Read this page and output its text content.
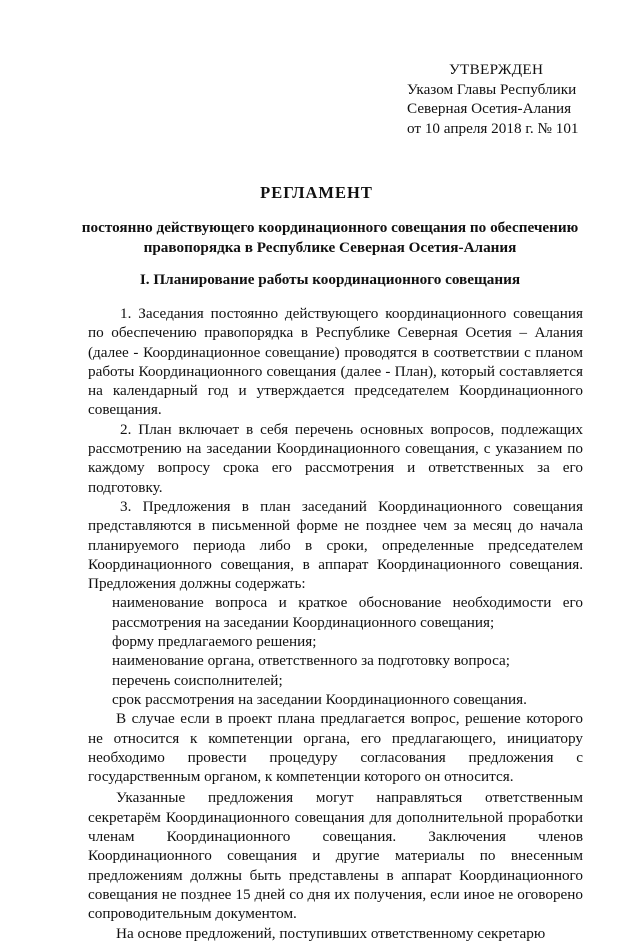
УТВЕРЖДЕН
Указом Главы Республики
Северная Осетия-Алания
от 10 апреля 2018 г. № 101
РЕГЛАМЕНТ
постоянно действующего координационного совещания по обеспечению правопорядка в Республике Северная Осетия-Алания
I. Планирование работы координационного совещания

1. Заседания постоянно действующего координационного совещания по обеспечению правопорядка в Республике Северная Осетия – Алания (далее - Координационное совещание) проводятся в соответствии с планом работы Координационного совещания (далее - План), который составляется на календарный год и утверждается председателем Координационного совещания.

2. План включает в себя перечень основных вопросов, подлежащих рассмотрению на заседании Координационного совещания, с указанием по каждому вопросу срока его рассмотрения и ответственных за его подготовку.

3. Предложения в план заседаний Координационного совещания представляются в письменной форме не позднее чем за месяц до начала планируемого периода либо в сроки, определенные председателем Координационного совещания, в аппарат Координационного совещания. Предложения должны содержать:

наименование вопроса и краткое обоснование необходимости его рассмотрения на заседании Координационного совещания;

форму предлагаемого решения;

наименование органа, ответственного за подготовку вопроса;

перечень соисполнителей;

срок рассмотрения на заседании Координационного совещания.

В случае если в проект плана предлагается вопрос, решение которого не относится к компетенции органа, его предлагающего, инициатору необходимо провести процедуру согласования предложения с государственным органом, к компетенции которого он относится.

Указанные предложения могут направляться ответственным секретарём Координационного совещания для дополнительной проработки членам Координационного совещания. Заключения членов Координационного совещания и другие материалы по внесенным предложениям должны быть представлены в аппарат Координационного совещания не позднее 15 дней со дня их получения, если иное не оговорено сопроводительным документом.

На основе предложений, поступивших ответственному секретарю
